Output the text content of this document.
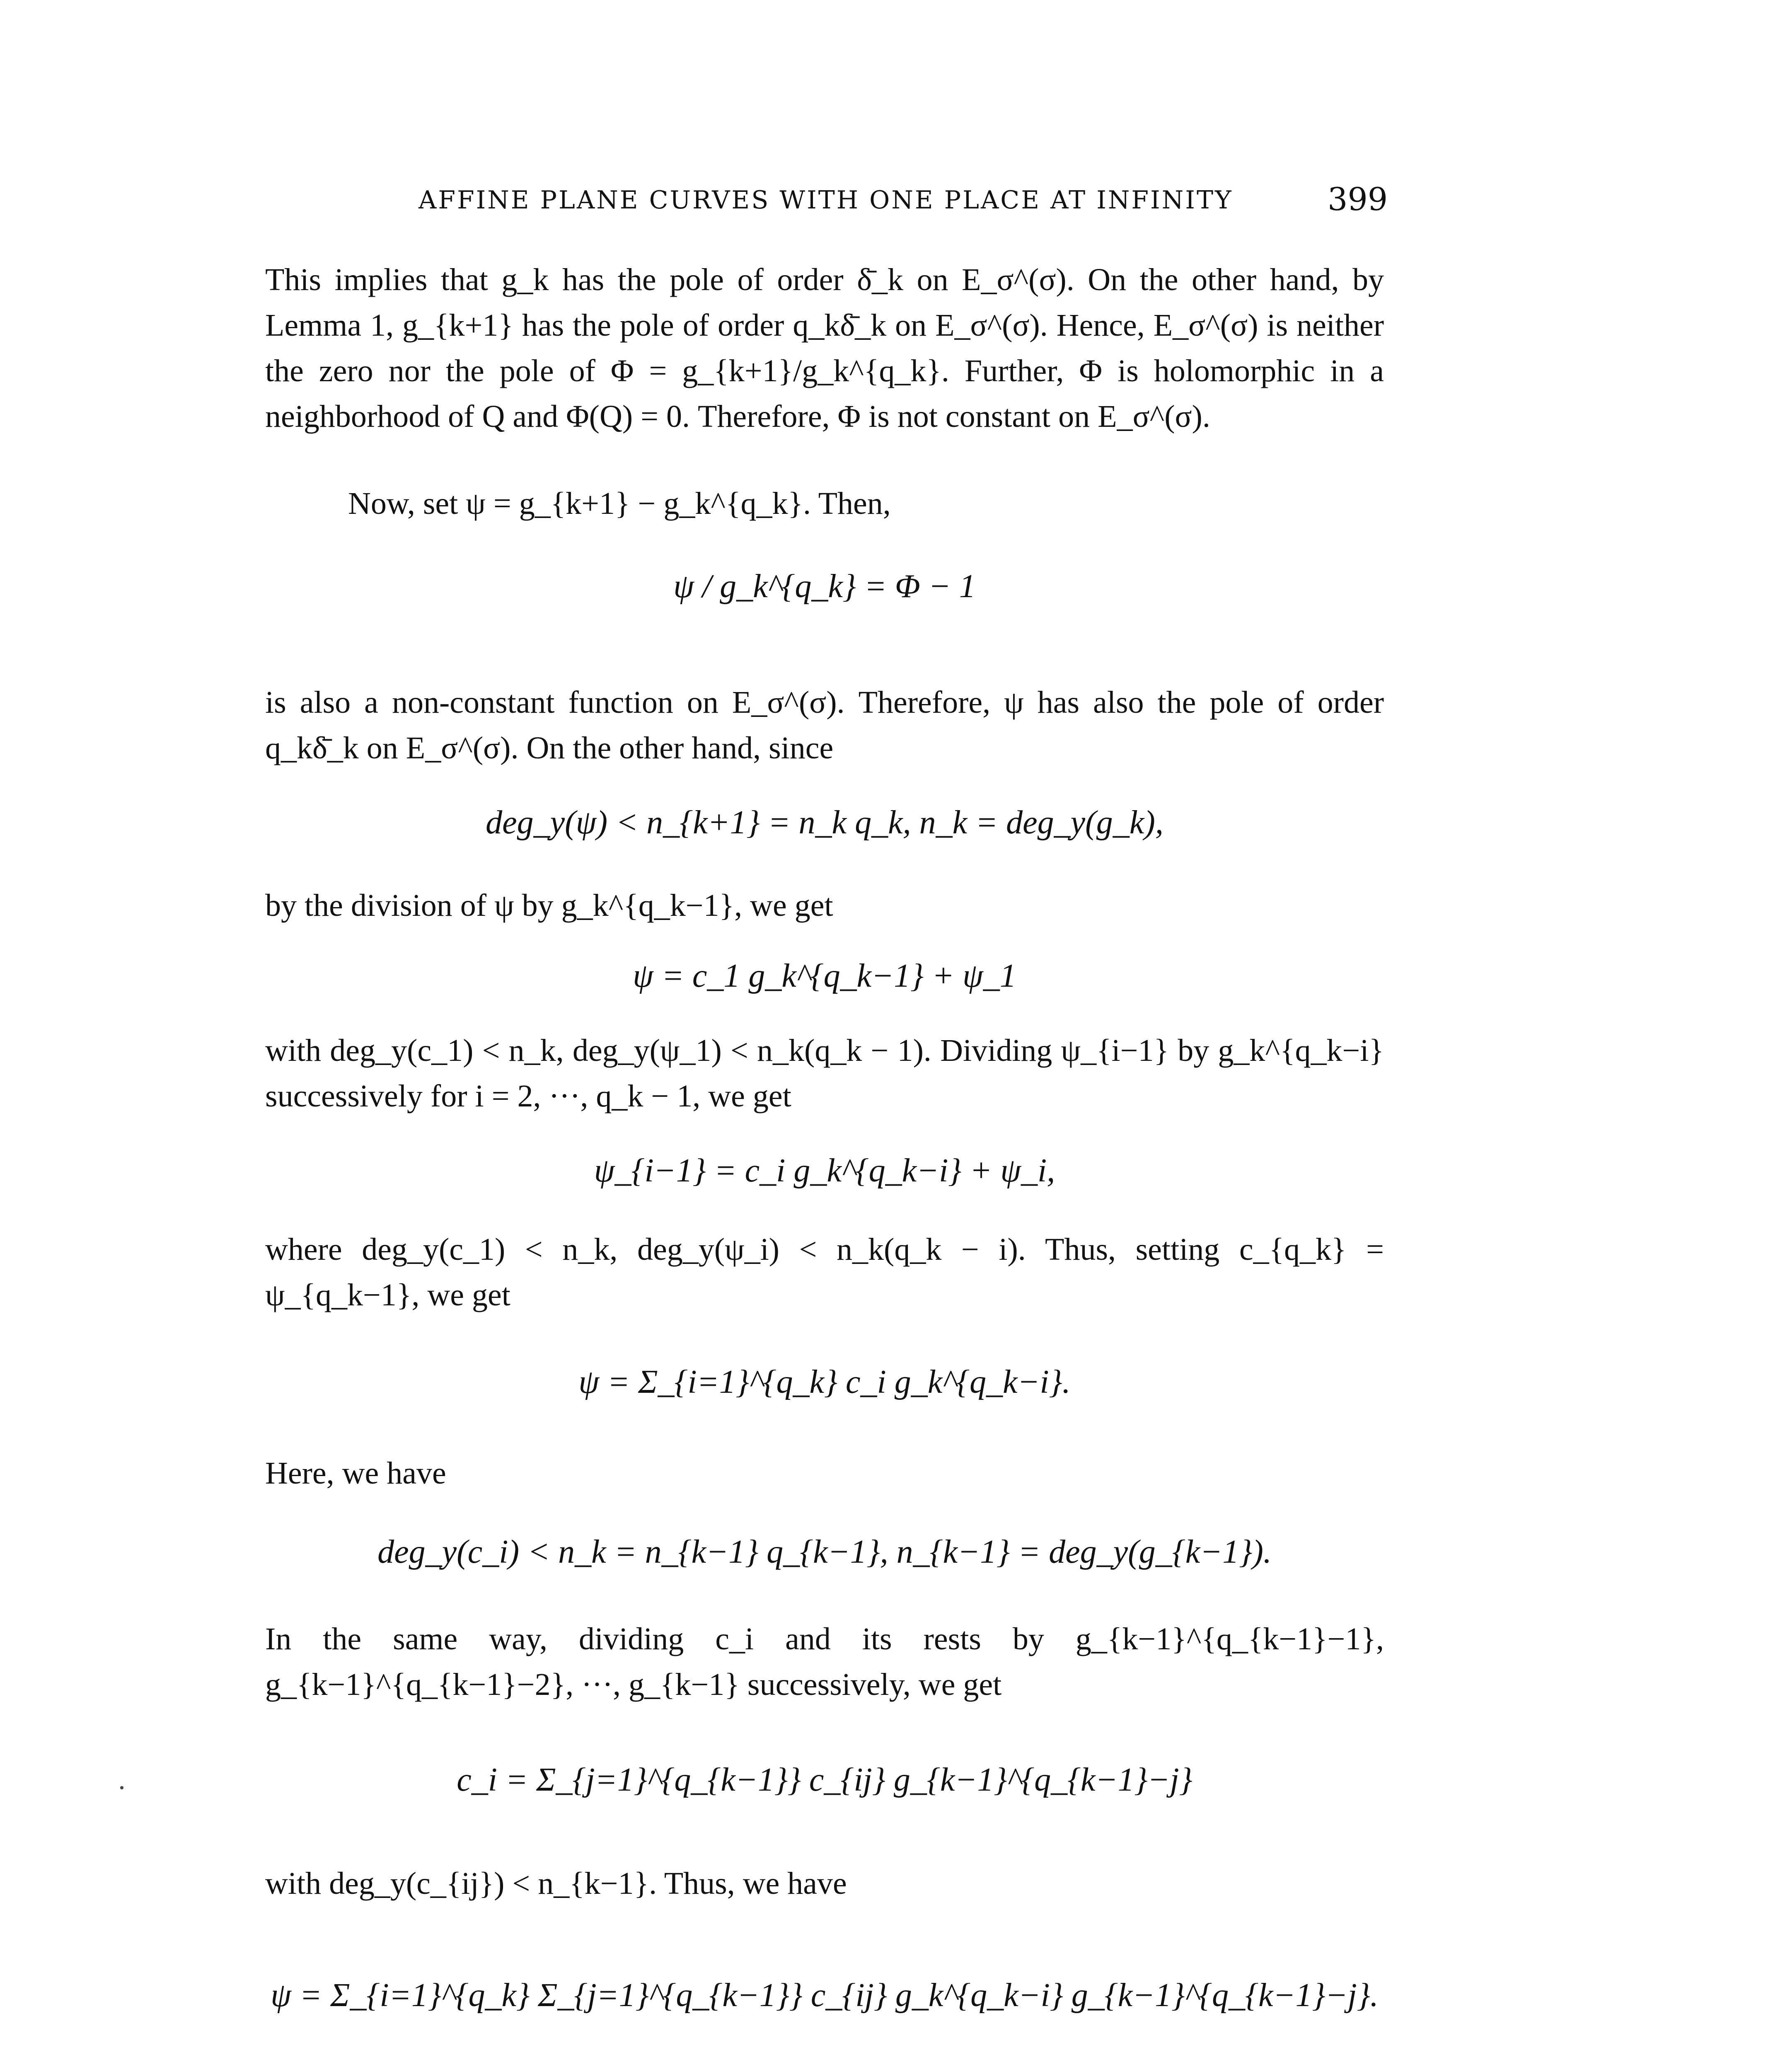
AFFINE PLANE CURVES WITH ONE PLACE AT INFINITY	399
This implies that g_k has the pole of order δ̄_k on E_σ^(σ). On the other hand, by Lemma 1, g_{k+1} has the pole of order q_kδ̄_k on E_σ^(σ). Hence, E_σ^(σ) is neither the zero nor the pole of Φ = g_{k+1}/g_k^{q_k}. Further, Φ is holomorphic in a neighborhood of Q and Φ(Q) = 0. Therefore, Φ is not constant on E_σ^(σ).
Now, set ψ = g_{k+1} − g_k^{q_k}. Then,
ψ / g_k^{q_k} = Φ − 1
is also a non-constant function on E_σ^(σ). Therefore, ψ has also the pole of order q_kδ̄_k on E_σ^(σ). On the other hand, since
deg_y(ψ) < n_{k+1} = n_k q_k, n_k = deg_y(g_k),
by the division of ψ by g_k^{q_k−1}, we get
ψ = c_1 g_k^{q_k−1} + ψ_1
with deg_y(c_1) < n_k, deg_y(ψ_1) < n_k(q_k − 1). Dividing ψ_{i−1} by g_k^{q_k−i} successively for i = 2, ···, q_k − 1, we get
ψ_{i−1} = c_i g_k^{q_k−i} + ψ_i,
where deg_y(c_1) < n_k, deg_y(ψ_i) < n_k(q_k − i). Thus, setting c_{q_k} = ψ_{q_k−1}, we get
ψ = Σ_{i=1}^{q_k} c_i g_k^{q_k−i}.
Here, we have
deg_y(c_i) < n_k = n_{k−1} q_{k−1}, n_{k−1} = deg_y(g_{k−1}).
In the same way, dividing c_i and its rests by g_{k−1}^{q_{k−1}−1}, g_{k−1}^{q_{k−1}−2}, ···, g_{k−1} successively, we get
c_i = Σ_{j=1}^{q_{k−1}} c_{ij} g_{k−1}^{q_{k−1}−j}
with deg_y(c_{ij}) < n_{k−1}. Thus, we have
ψ = Σ_{i=1}^{q_k} Σ_{j=1}^{q_{k−1}} c_{ij} g_k^{q_k−i} g_{k−1}^{q_{k−1}−j}.
